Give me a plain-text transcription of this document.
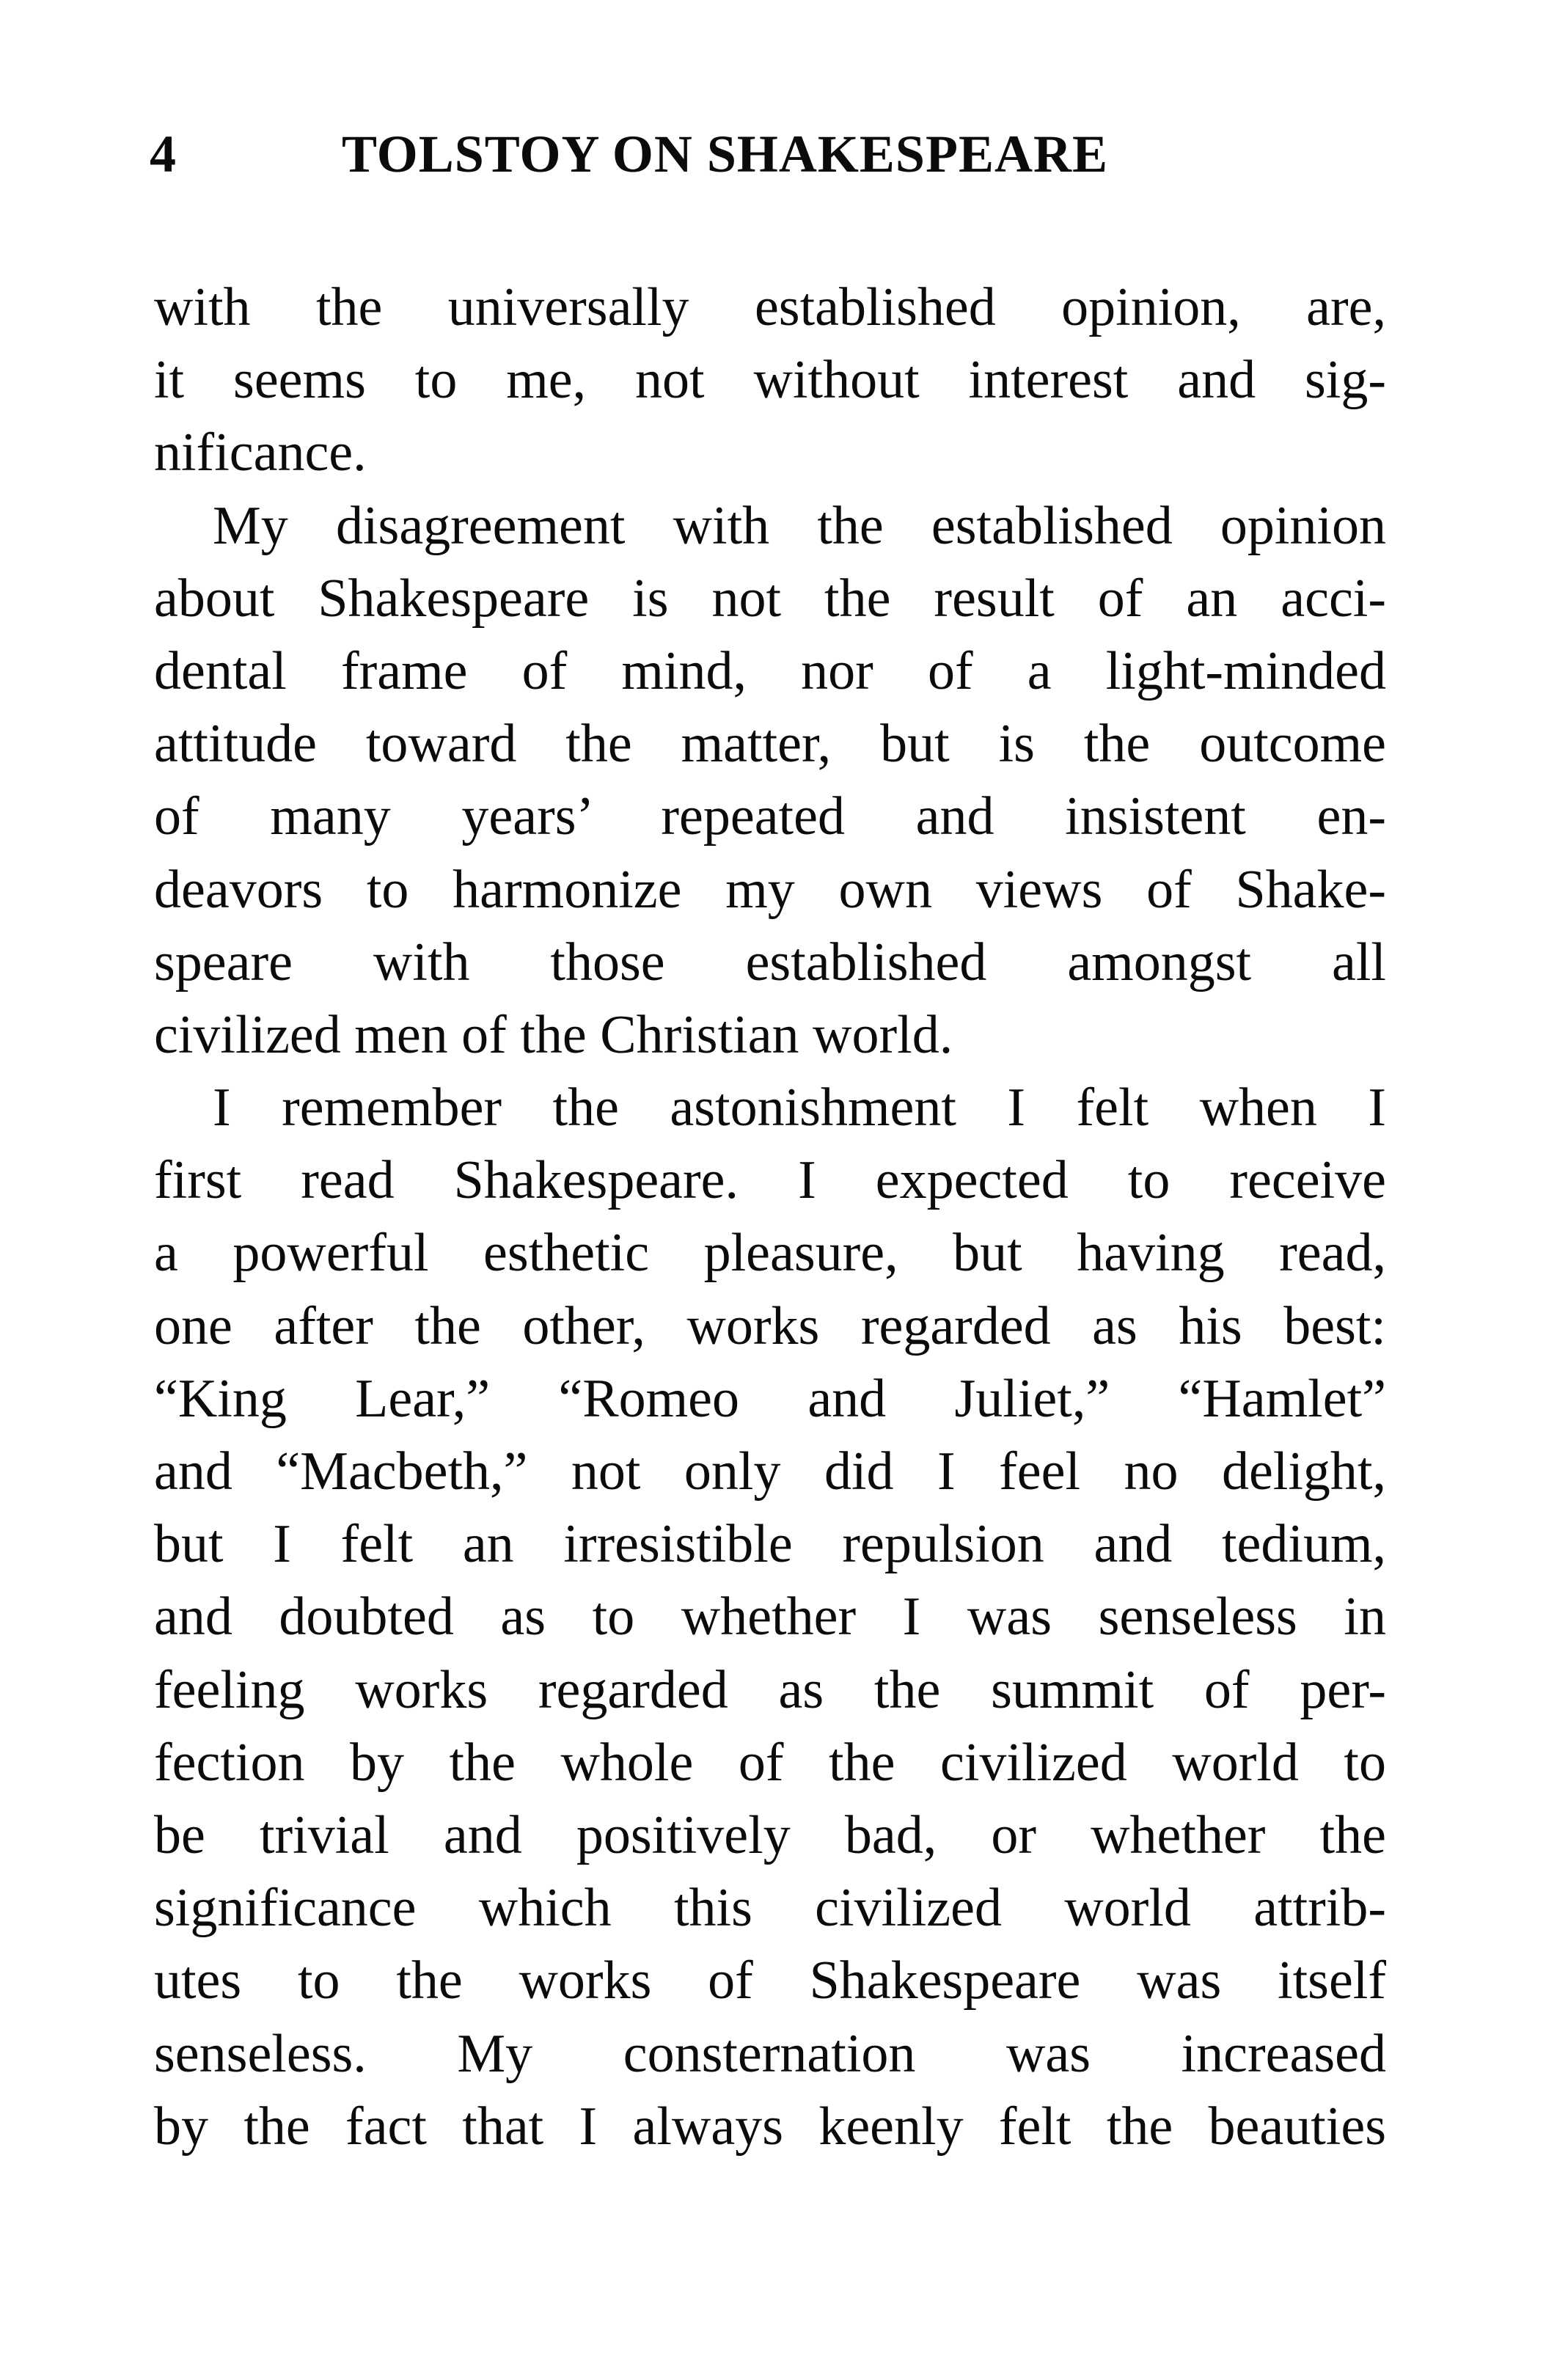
4	TOLSTOY ON SHAKESPEARE
with the universally established opinion, are,
it seems to me, not without interest and sig-
nificance.
My disagreement with the established opinion
about Shakespeare is not the result of an acci-
dental frame of mind, nor of a light-minded
attitude toward the matter, but is the outcome
of many years’ repeated and insistent en-
deavors to harmonize my own views of Shake-
speare with those established amongst all
civilized men of the Christian world.
I remember the astonishment I felt when I
first read Shakespeare. I expected to receive
a powerful esthetic pleasure, but having read,
one after the other, works regarded as his best:
“King Lear,” “Romeo and Juliet,” “Hamlet”
and “Macbeth,” not only did I feel no delight,
but I felt an irresistible repulsion and tedium,
and doubted as to whether I was senseless in
feeling works regarded as the summit of per-
fection by the whole of the civilized world to
be trivial and positively bad, or whether the
significance which this civilized world attrib-
utes to the works of Shakespeare was itself
senseless. My consternation was increased
by the fact that I always keenly felt the beauties
